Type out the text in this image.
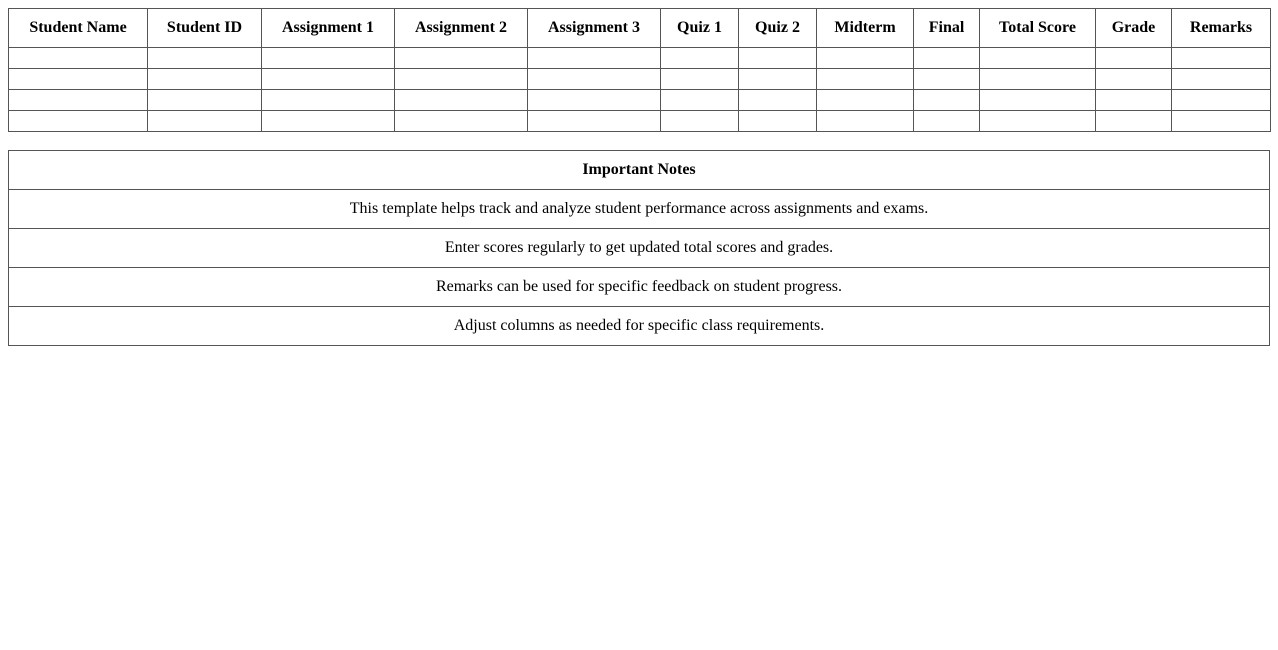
Student Name	Student ID	Assignment 1	Assignment 2	Assignment 3	Quiz 1	Quiz 2	Midterm	Final	Total Score	Grade	Remarks

Important Notes
This template helps track and analyze student performance across assignments and exams.
Enter scores regularly to get updated total scores and grades.
Remarks can be used for specific feedback on student progress.
Adjust columns as needed for specific class requirements.
